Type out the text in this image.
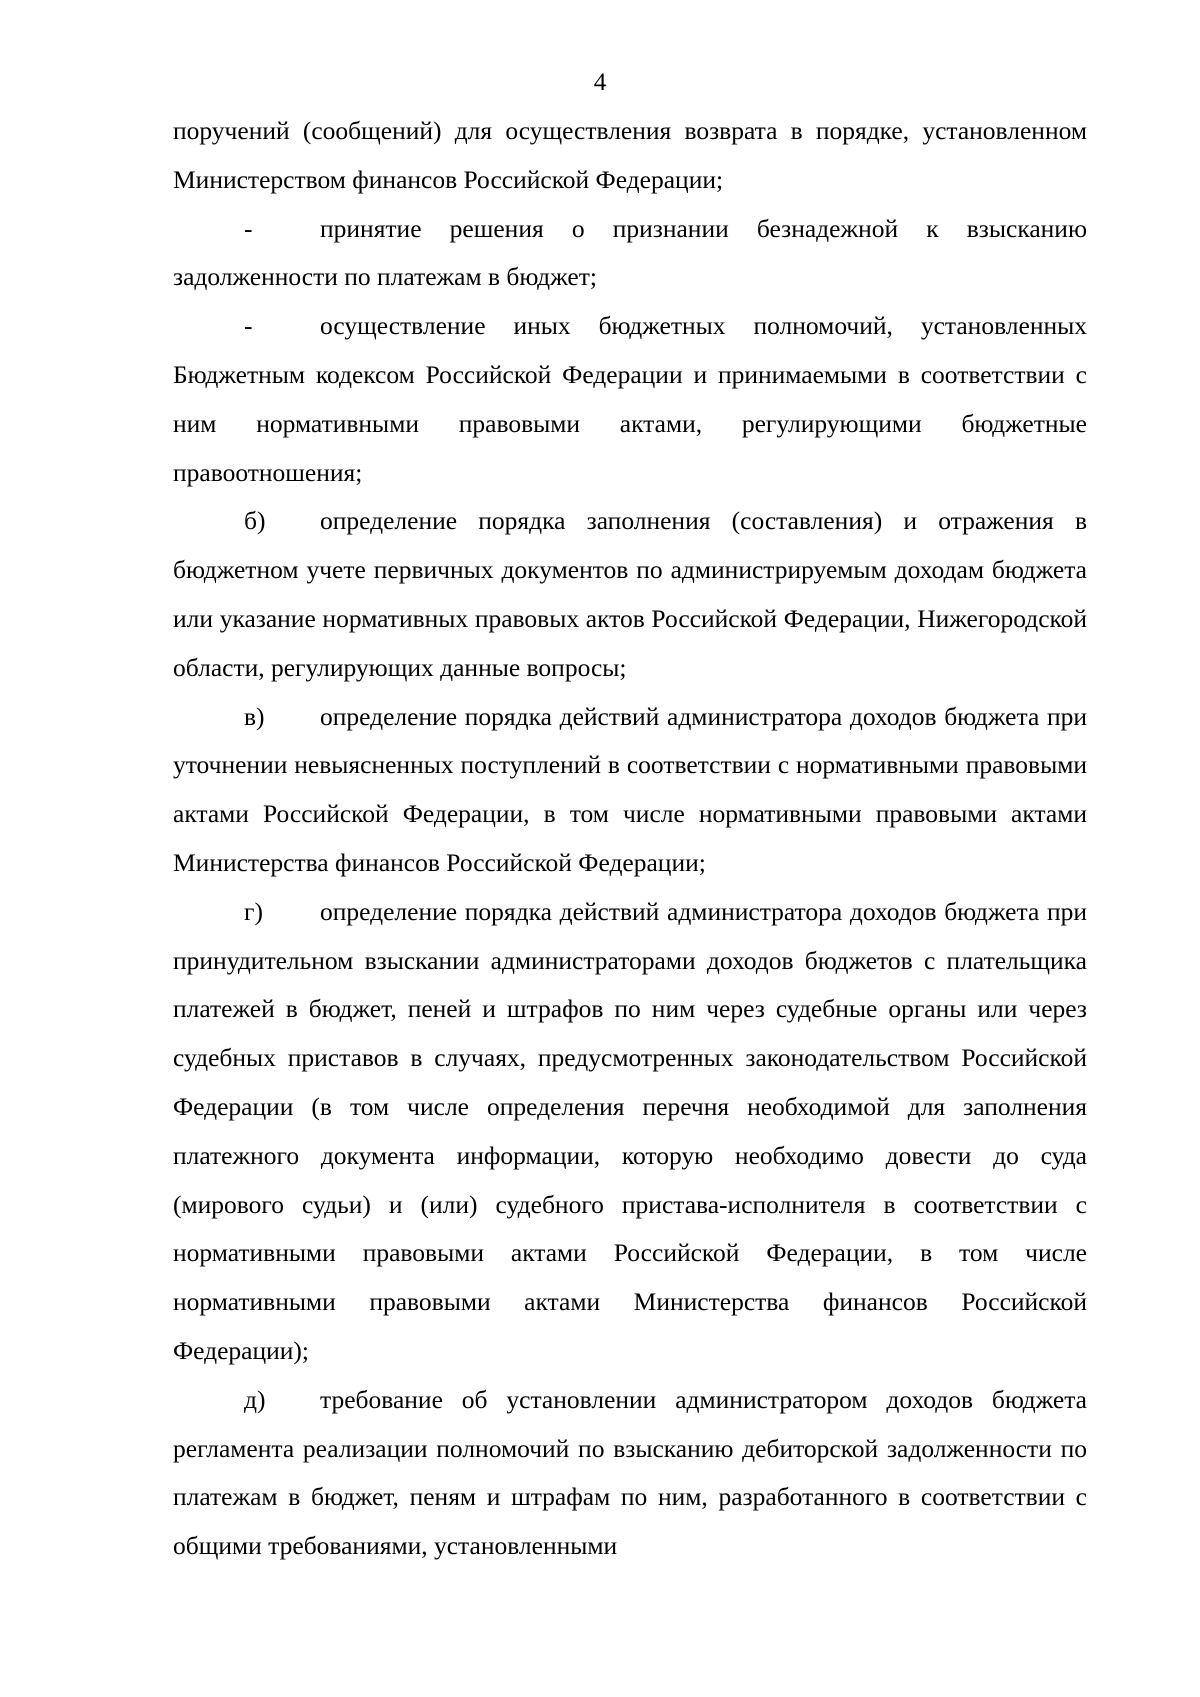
4

поручений (сообщений) для осуществления возврата в порядке, установленном Министерством финансов Российской Федерации;

-	принятие решения о признании безнадежной к взысканию задолженности по платежам в бюджет;

-	осуществление иных бюджетных полномочий, установленных Бюджетным кодексом Российской Федерации и принимаемыми в соответствии с ним нормативными правовыми актами, регулирующими бюджетные правоотношения;

б) определение порядка заполнения (составления) и отражения в бюджетном учете первичных документов по администрируемым доходам бюджета или указание нормативных правовых актов Российской Федерации, Нижегородской области, регулирующих данные вопросы;

в) определение порядка действий администратора доходов бюджета при уточнении невыясненных поступлений в соответствии с нормативными правовыми актами Российской Федерации, в том числе нормативными правовыми актами Министерства финансов Российской Федерации;

г) определение порядка действий администратора доходов бюджета при принудительном взыскании администраторами доходов бюджетов с плательщика платежей в бюджет, пеней и штрафов по ним через судебные органы или через судебных приставов в случаях, предусмотренных законодательством Российской Федерации (в том числе определения перечня необходимой для заполнения платежного документа информации, которую необходимо довести до суда (мирового судьи) и (или) судебного пристава-исполнителя в соответствии с нормативными правовыми актами Российской Федерации, в том числе нормативными правовыми актами Министерства финансов Российской Федерации);

д) требование об установлении администратором доходов бюджета регламента реализации полномочий по взысканию дебиторской задолженности по платежам в бюджет, пеням и штрафам по ним, разработанного в соответствии с общими требованиями, установленными
